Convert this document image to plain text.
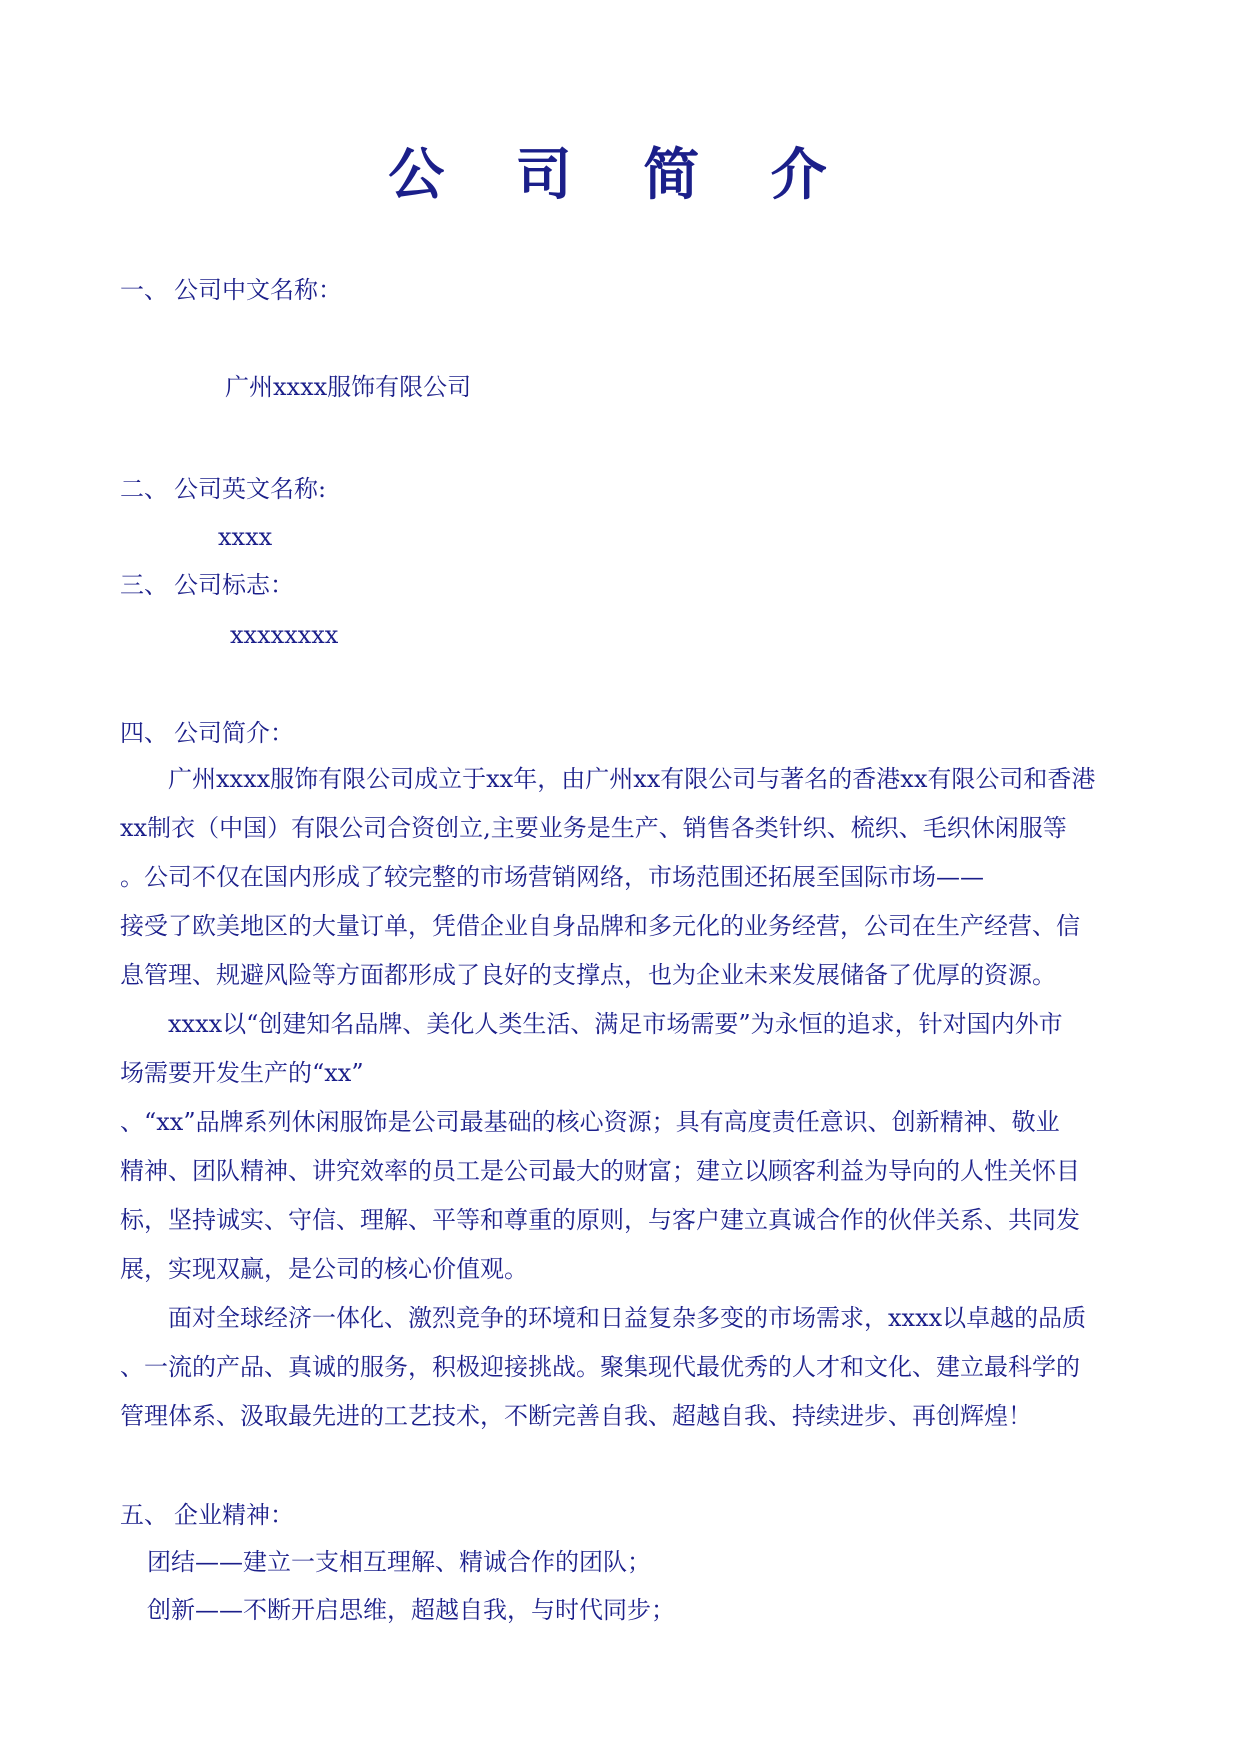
公 司 简 介
一、 公司中文名称：
广州xxxx服饰有限公司
二、 公司英文名称:
xxxx
三、 公司标志：
xxxxxxxx
四、 公司简介：
　　广州xxxx服饰有限公司成立于xx年，由广州xx有限公司与著名的香港xx有限公司和香港
xx制衣（中国）有限公司合资创立,主要业务是生产、销售各类针织、梳织、毛织休闲服等
。公司不仅在国内形成了较完整的市场营销网络，市场范围还拓展至国际市场——
接受了欧美地区的大量订单，凭借企业自身品牌和多元化的业务经营，公司在生产经营、信
息管理、规避风险等方面都形成了良好的支撑点，也为企业未来发展储备了优厚的资源。
　　xxxx以“创建知名品牌、美化人类生活、满足市场需要”为永恒的追求，针对国内外市
场需要开发生产的“xx”
、“xx”品牌系列休闲服饰是公司最基础的核心资源；具有高度责任意识、创新精神、敬业
精神、团队精神、讲究效率的员工是公司最大的财富；建立以顾客利益为导向的人性关怀目
标，坚持诚实、守信、理解、平等和尊重的原则，与客户建立真诚合作的伙伴关系、共同发
展，实现双赢，是公司的核心价值观。
　　面对全球经济一体化、激烈竞争的环境和日益复杂多变的市场需求，xxxx以卓越的品质
、一流的产品、真诚的服务，积极迎接挑战。聚集现代最优秀的人才和文化、建立最科学的
管理体系、汲取最先进的工艺技术，不断完善自我、超越自我、持续进步、再创辉煌！
五、 企业精神：
团结——建立一支相互理解、精诚合作的团队；
创新——不断开启思维，超越自我，与时代同步；
